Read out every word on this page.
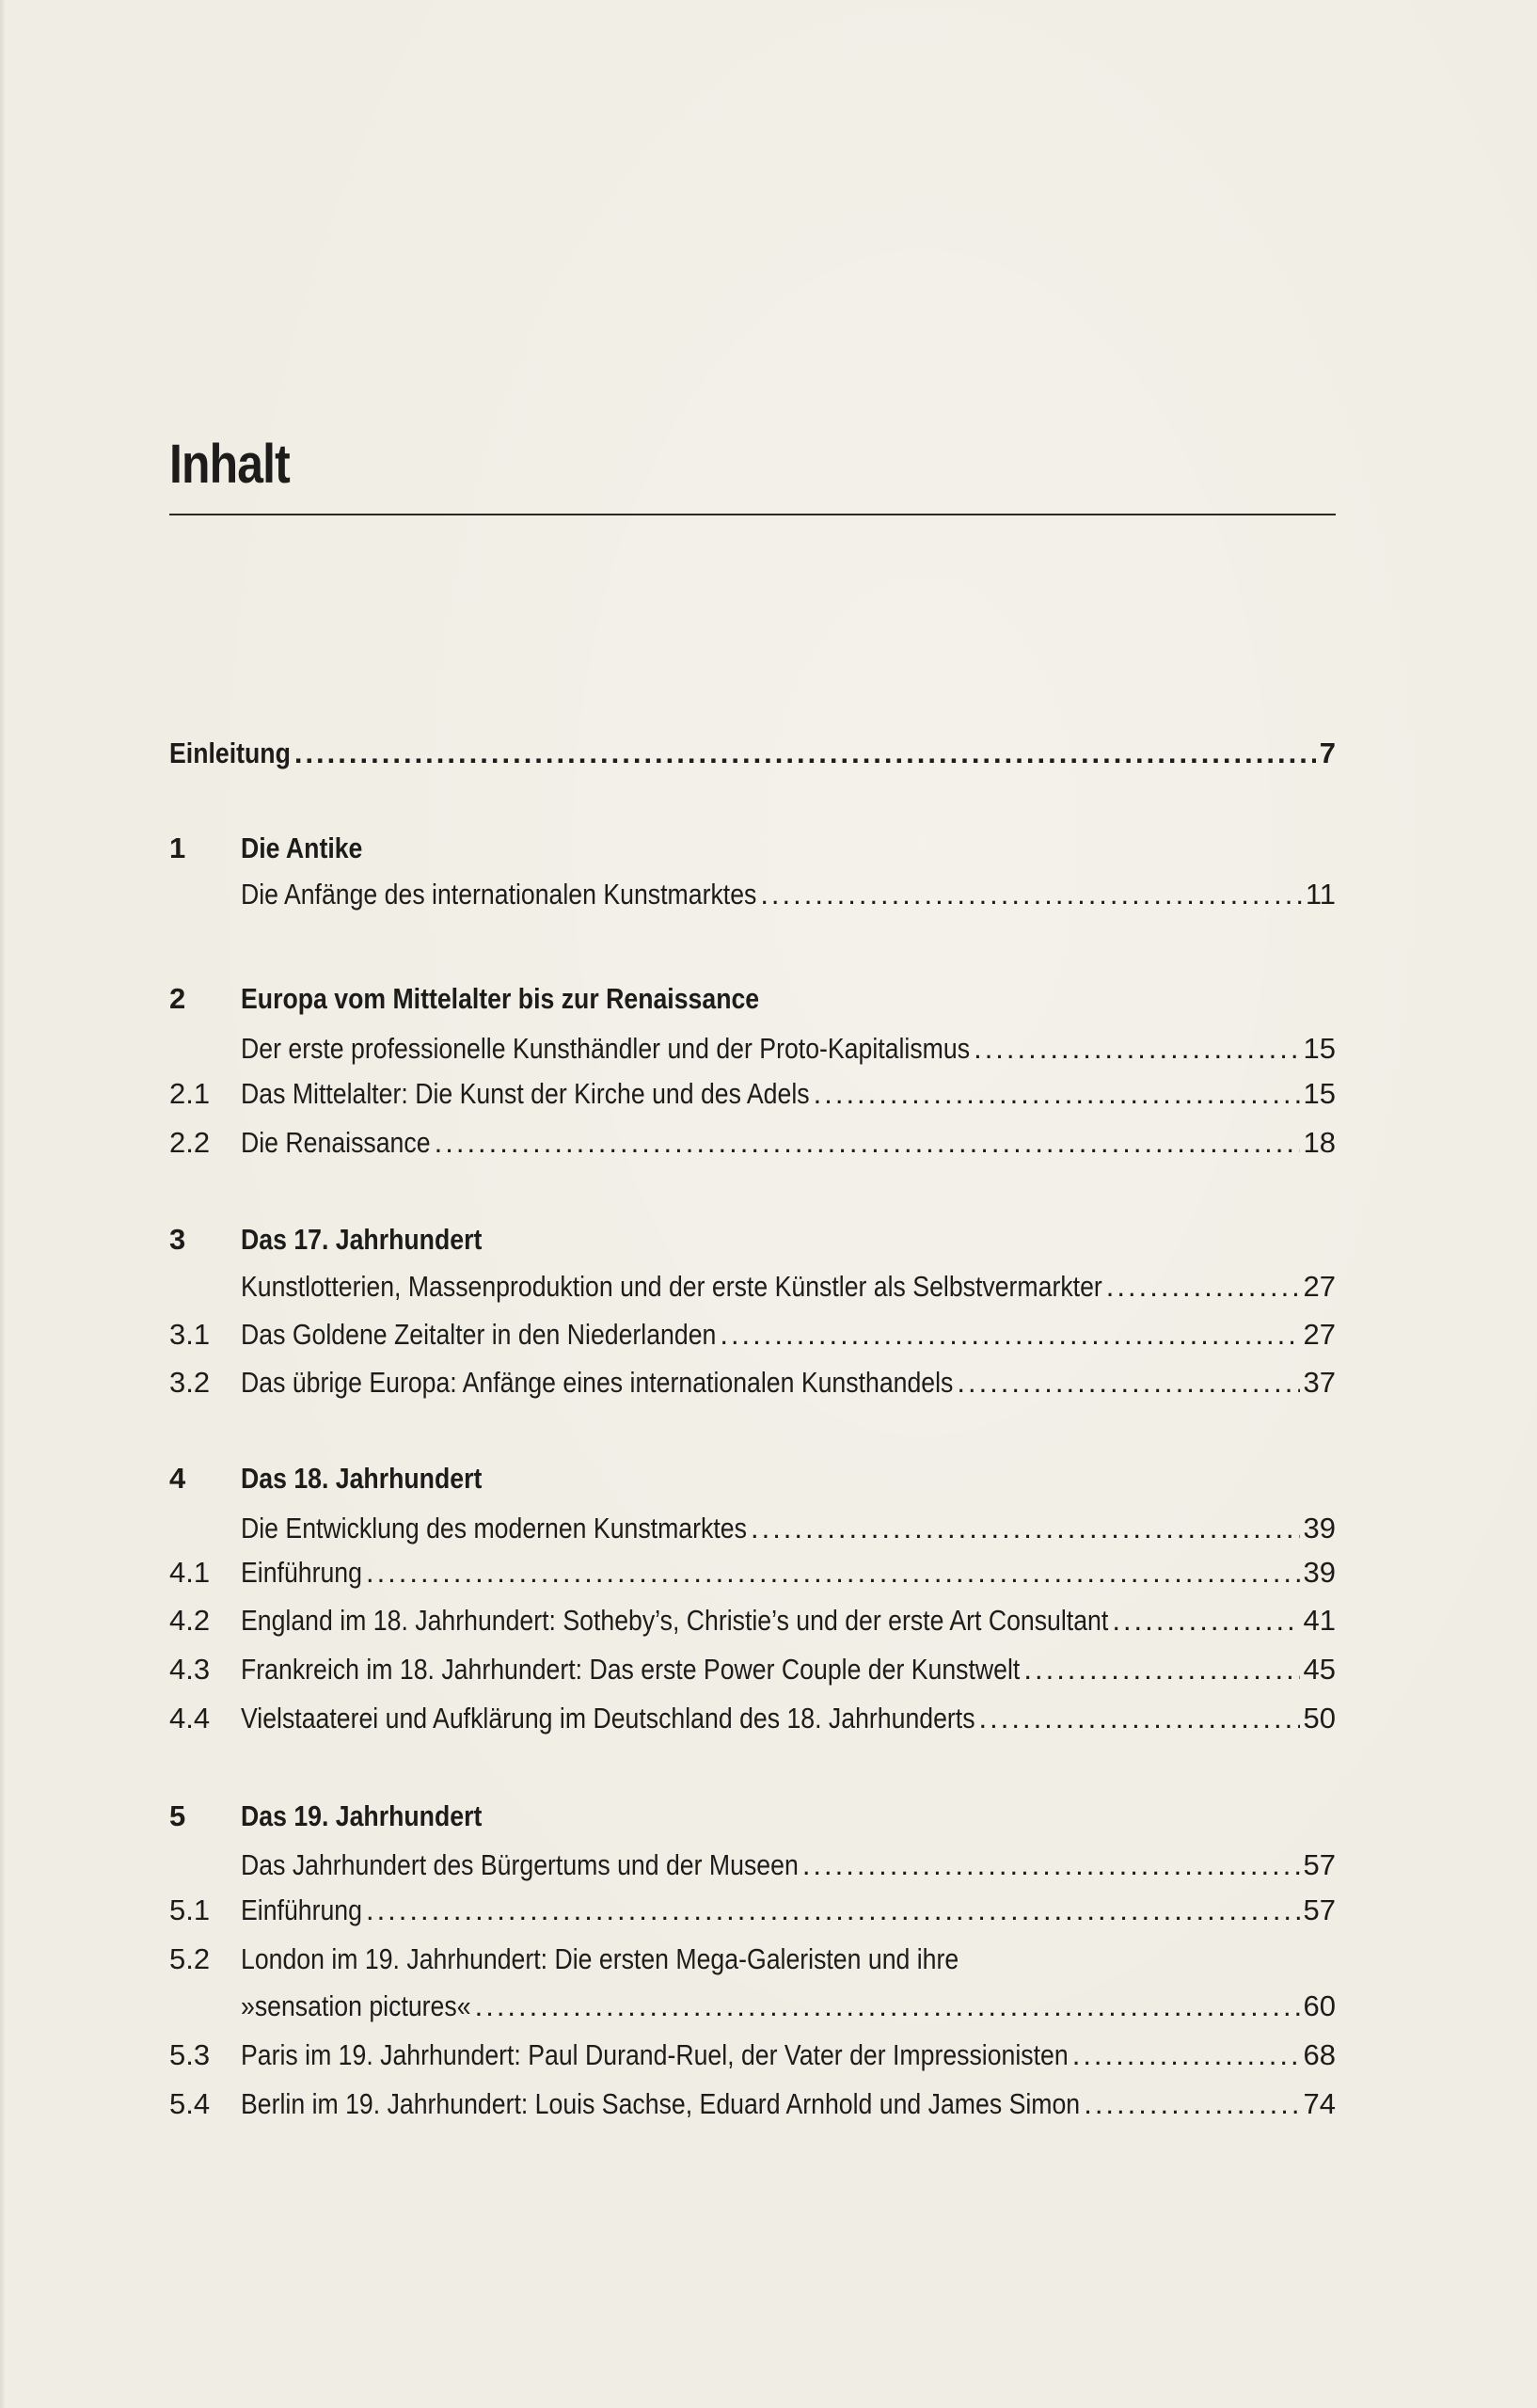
Inhalt
Einleitung .....	7
1	Die Antike
Die Anfänge des internationalen Kunstmarktes .....	11
2	Europa vom Mittelalter bis zur Renaissance
Der erste professionelle Kunsthändler und der Proto-Kapitalismus .....	15
2.1	Das Mittelalter: Die Kunst der Kirche und des Adels .....	15
2.2	Die Renaissance .....	18
3	Das 17. Jahrhundert
Kunstlotterien, Massenproduktion und der erste Künstler als Selbstvermarkter .....	27
3.1	Das Goldene Zeitalter in den Niederlanden .....	27
3.2	Das übrige Europa: Anfänge eines internationalen Kunsthandels .....	37
4	Das 18. Jahrhundert
Die Entwicklung des modernen Kunstmarktes .....	39
4.1	Einführung .....	39
4.2	England im 18. Jahrhundert: Sotheby’s, Christie’s und der erste Art Consultant .....	41
4.3	Frankreich im 18. Jahrhundert: Das erste Power Couple der Kunstwelt .....	45
4.4	Vielstaaterei und Aufklärung im Deutschland des 18. Jahrhunderts .....	50
5	Das 19. Jahrhundert
Das Jahrhundert des Bürgertums und der Museen .....	57
5.1	Einführung .....	57
5.2	London im 19. Jahrhundert: Die ersten Mega-Galeristen und ihre
»sensation pictures« .....	60
5.3	Paris im 19. Jahrhundert: Paul Durand-Ruel, der Vater der Impressionisten .....	68
5.4	Berlin im 19. Jahrhundert: Louis Sachse, Eduard Arnhold und James Simon .....	74
